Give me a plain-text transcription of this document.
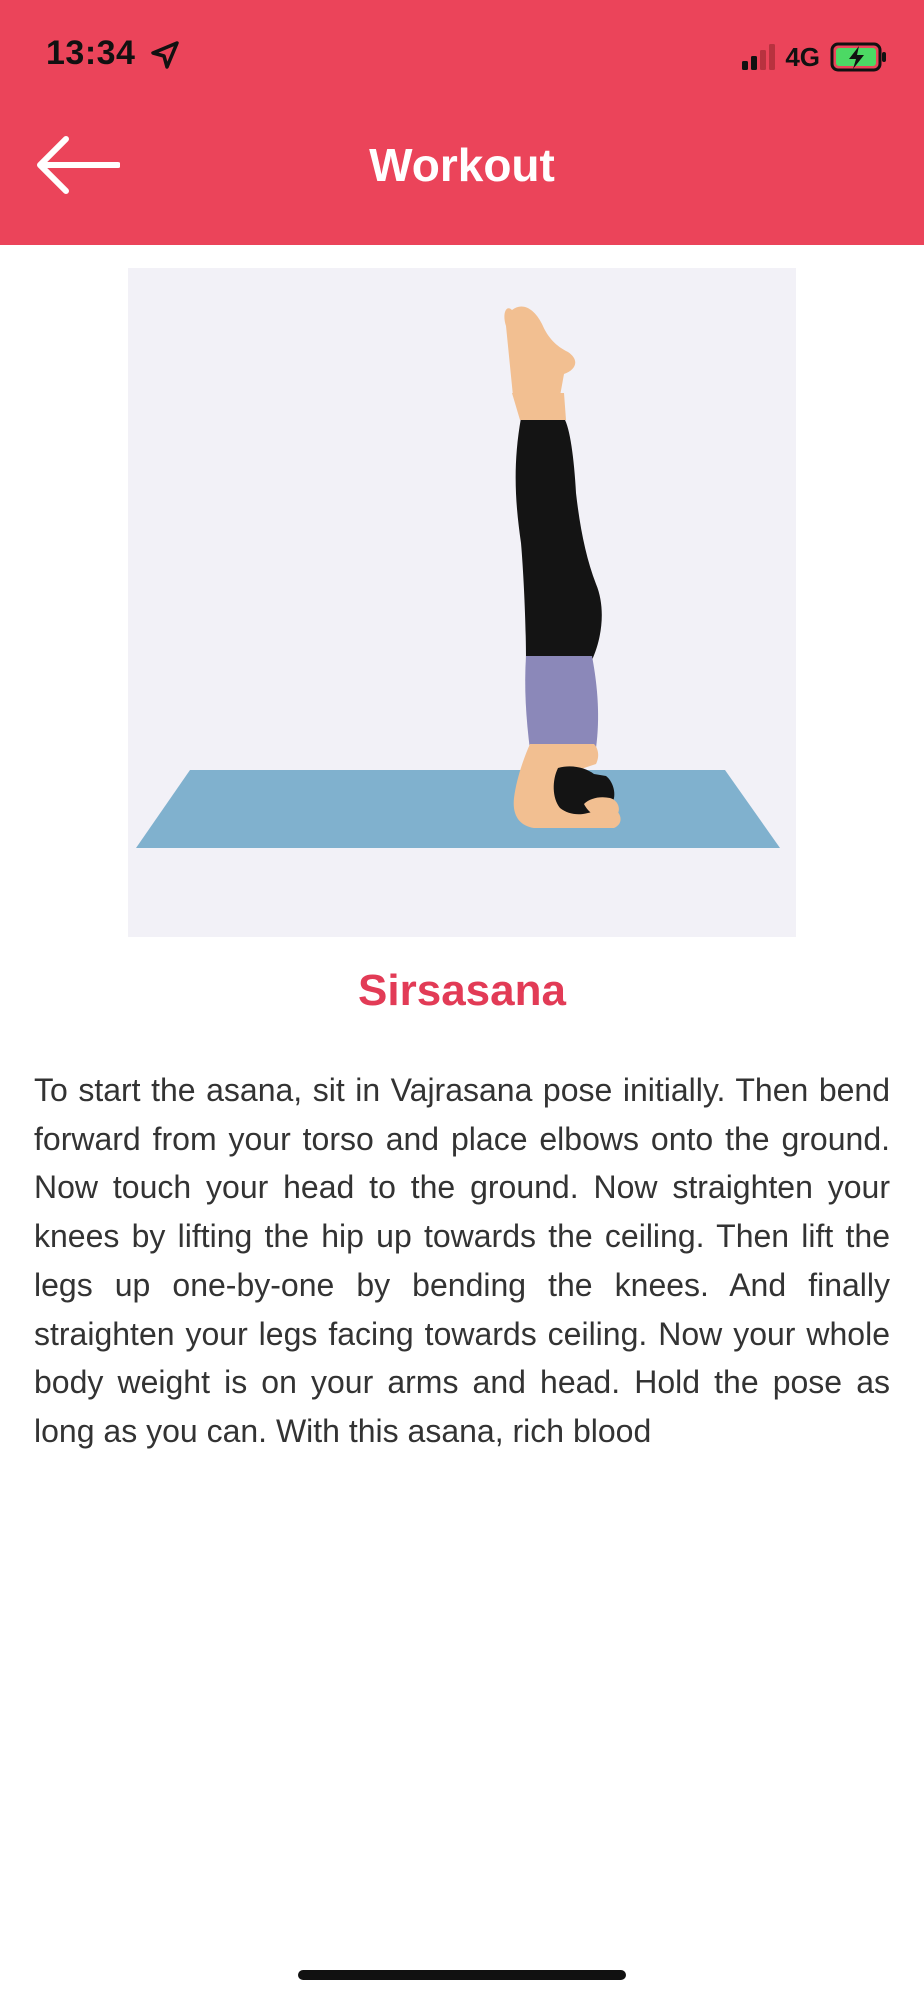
13:34	4G
Workout
Sirsasana

To start the asana, sit in Vajrasana pose initially. Then bend forward from your torso and place elbows onto the ground. Now touch your head to the ground. Now straighten your knees by lifting the hip up towards the ceiling. Then lift the legs up one-by-one by bending the knees. And finally straighten your legs facing towards ceiling. Now your whole body weight is on your arms and head. Hold the pose as long as you can. With this asana, rich blood
